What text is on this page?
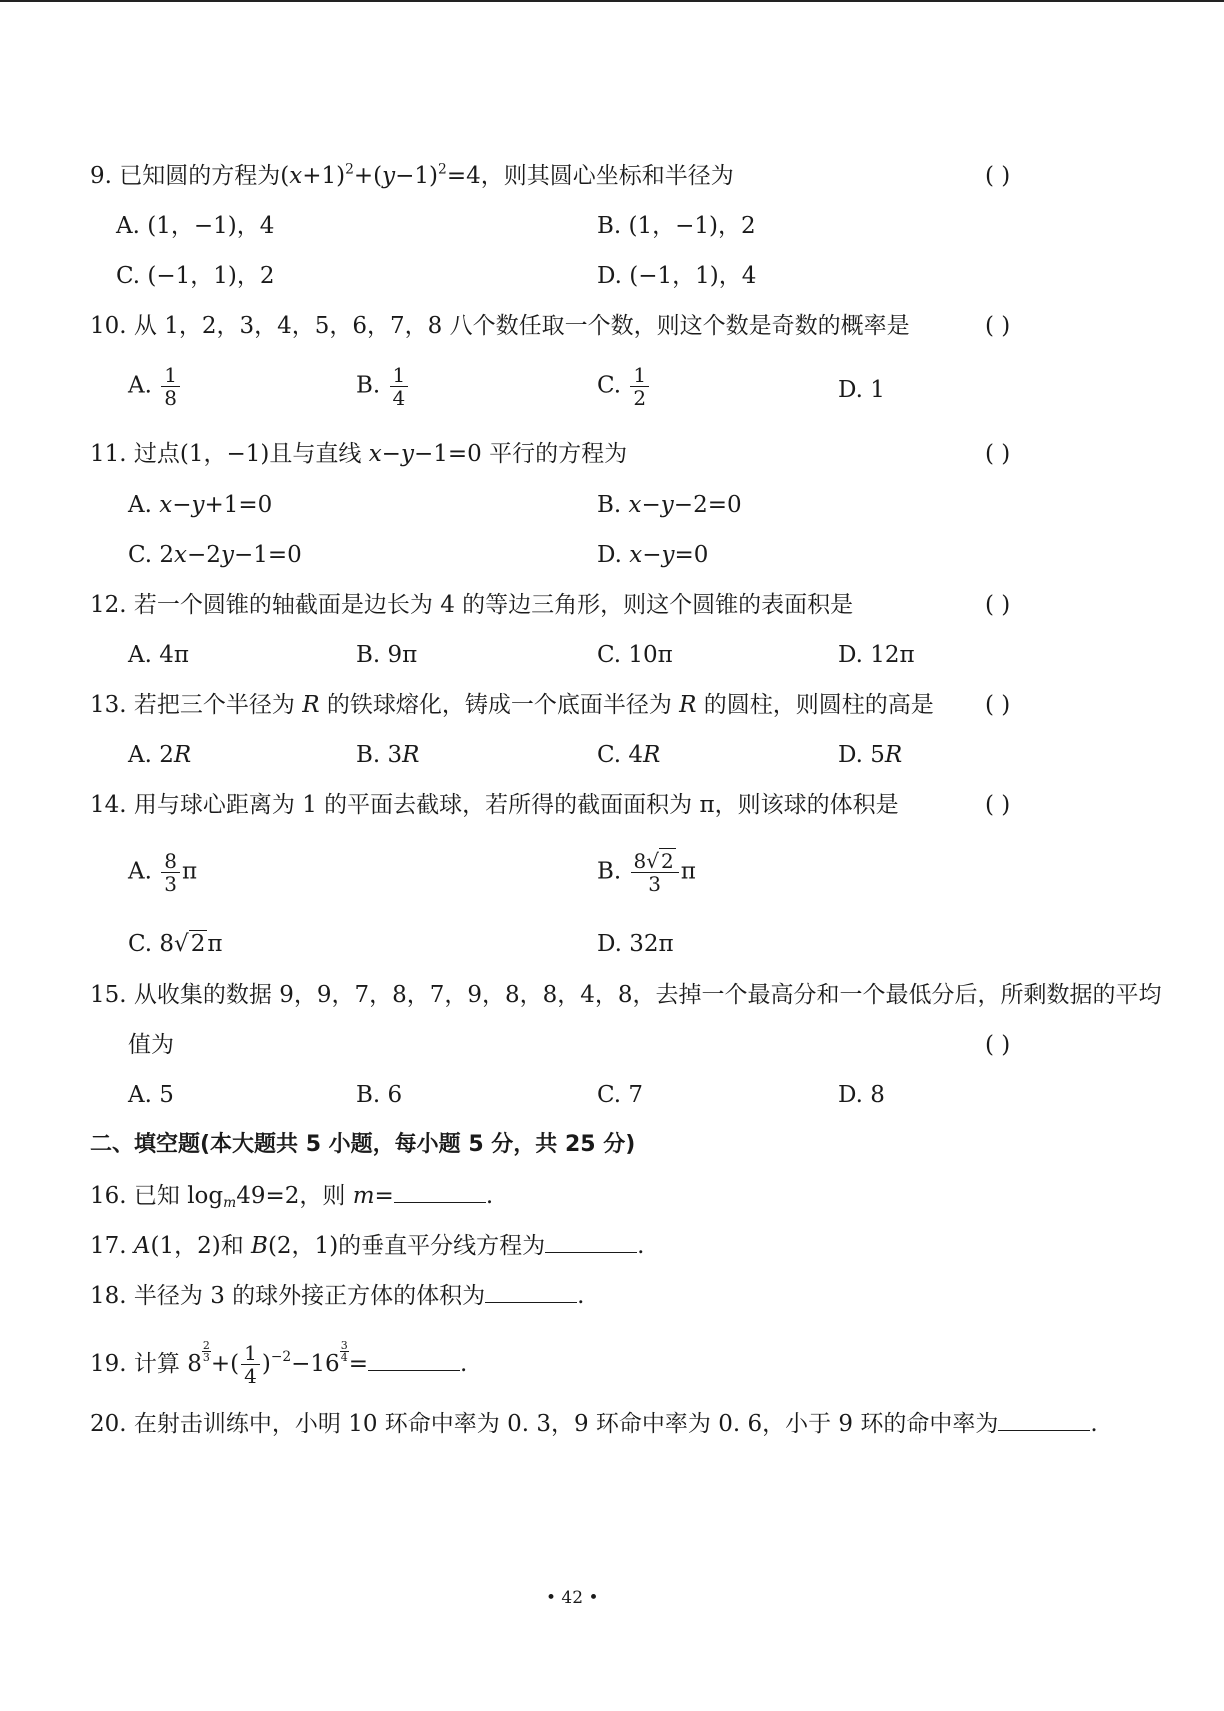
9. 已知圆的方程为$(x+1)^2+(y-1)^2=4$，则其圆心坐标和半径为	( )
A. (1，−1)，4	B. (1，−1)，2
C. (−1，1)，2	D. (−1，1)，4
10. 从 1，2，3，4，5，6，7，8 八个数任取一个数，则这个数是奇数的概率是	( )
A. $\frac{1}{8}$	B. $\frac{1}{4}$	C. $\frac{1}{2}$	D. 1
11. 过点(1，−1)且与直线 x−y−1=0 平行的方程为	( )
A. x−y+1=0	B. x−y−2=0
C. 2x−2y−1=0	D. x−y=0
12. 若一个圆锥的轴截面是边长为 4 的等边三角形，则这个圆锥的表面积是	( )
A. 4π	B. 9π	C. 10π	D. 12π
13. 若把三个半径为 R 的铁球熔化，铸成一个底面半径为 R 的圆柱，则圆柱的高是 ( )
A. 2R	B. 3R	C. 4R	D. 5R
14. 用与球心距离为 1 的平面去截球，若所得的截面面积为 π，则该球的体积是	( )
A. $\frac{8}{3}$ π	B. $\frac{8√ 2}{3}$ π
C. 8√2π	D. 32π
15. 从收集的数据 9，9，7，8，7，9，8，8，4，8，去掉一个最高分和一个最低分后，所剩数据的平均
值为	( )
A. 5	B. 6	C. 7	D. 8
二、填空题(本大题共 5 小题，每小题 5 分，共 25 分)
16. 已知 $\log_m49=2$，则 m=	.
17. A(1，2)和 B(2，1)的垂直平分线方程为	.
18. 半径为 3 的球外接正方体的体积为	.
19. 计算 $8 \frac{2}{3}$ +( $\frac{1}{4} )^{-2}-16 \frac{3}{4}$ =	.
20. 在射击训练中，小明 10 环命中率为 0. 3，9 环命中率为 0. 6，小于 9 环的命中率为	.
• 42 •
